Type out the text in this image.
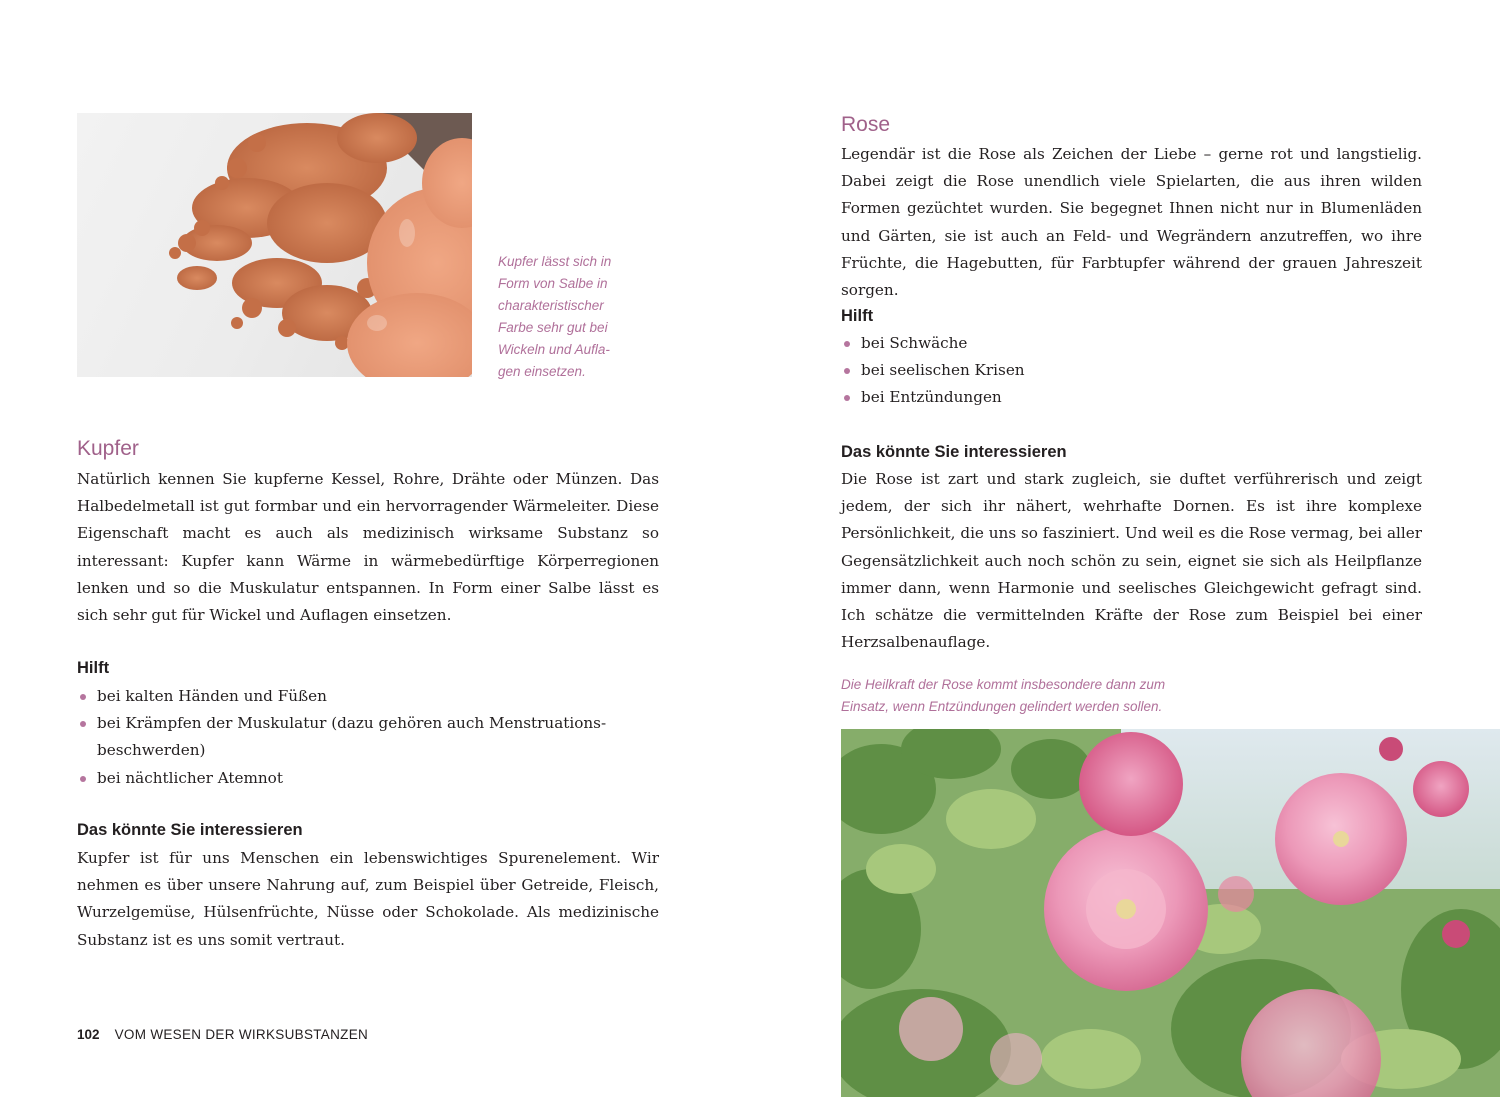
Kupfer lässt sich in
Form von Salbe in
charakteristischer
Farbe sehr gut bei
Wickeln und Aufla-
gen einsetzen.
Kupfer
Natürlich kennen Sie kupferne Kessel, Rohre, Drähte oder Münzen. Das Halbedelmetall ist gut formbar und ein hervorragender Wärmeleiter. Diese Eigenschaft macht es auch als medizinisch wirksame Substanz so interessant: Kupfer kann Wärme in wärmebedürftige Körperregionen lenken und so die Muskulatur entspannen. In Form einer Salbe lässt es sich sehr gut für Wickel und Auflagen einsetzen.
Hilft
bei kalten Händen und Füßen
bei Krämpfen der Muskulatur (dazu gehören auch Menstruations-beschwerden)
bei nächtlicher Atemnot
Das könnte Sie interessieren
Kupfer ist für uns Menschen ein lebenswichtiges Spurenelement. Wir nehmen es über unsere Nahrung auf, zum Beispiel über Getreide, Fleisch, Wurzelgemüse, Hülsenfrüchte, Nüsse oder Schokolade. Als medizinische Substanz ist es uns somit vertraut.
102 VOM WESEN DER WIRKSUBSTANZEN
Rose
Legendär ist die Rose als Zeichen der Liebe – gerne rot und langstielig. Dabei zeigt die Rose unendlich viele Spielarten, die aus ihren wilden Formen gezüchtet wurden. Sie begegnet Ihnen nicht nur in Blumenläden und Gärten, sie ist auch an Feld- und Wegrändern anzutreffen, wo ihre Früchte, die Hagebutten, für Farbtupfer während der grauen Jahreszeit sorgen.
Hilft
bei Schwäche
bei seelischen Krisen
bei Entzündungen
Das könnte Sie interessieren
Die Rose ist zart und stark zugleich, sie duftet verführerisch und zeigt jedem, der sich ihr nähert, wehrhafte Dornen. Es ist ihre komplexe Persönlichkeit, die uns so fasziniert. Und weil es die Rose vermag, bei aller Gegensätzlichkeit auch noch schön zu sein, eignet sie sich als Heilpflanze immer dann, wenn Harmonie und seelisches Gleichgewicht gefragt sind. Ich schätze die vermittelnden Kräfte der Rose zum Beispiel bei einer Herzsalbenauflage.
Die Heilkraft der Rose kommt insbesondere dann zum
Einsatz, wenn Entzündungen gelindert werden sollen.
